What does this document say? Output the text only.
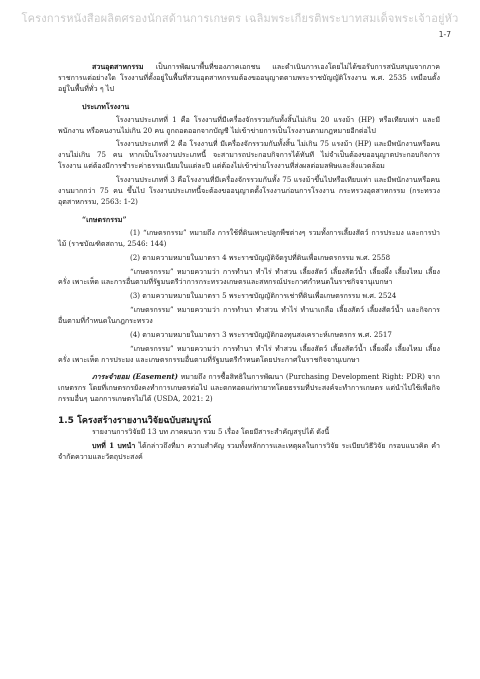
โครงการหนังสือผลิตศรองนักสด้านการเกษตร เฉลิมพระเกียรติพระบาทสมเด็จพระเจ้าอยู่หัว
1-7

สวนอุตสาหกรรม เป็นการพัฒนาพื้นที่ของภาคเอกชน และดำเนินการเองโดยไม่ได้ขอรับการสนับสนุนจากภาคราชการแต่อย่างใด โรงงานที่ตั้งอยู่ในพื้นที่สวนอุตสาหกรรมต้องขออนุญาตตามพระราชบัญญัติโรงงาน พ.ศ. 2535 เหมือนตั้งอยู่ในพื้นที่ทั่ว ๆ ไป

ประเภทโรงงาน

โรงงานประเภทที่ 1 คือ โรงงานที่มีเครื่องจักรรวมกันทั้งสิ้นไม่เกิน 20 แรงม้า (HP) หรือเทียบเท่า และมีพนักงาน หรือคนงานไม่เกิน 20 คน ถูกถอดออกจากบัญชี ไม่เข้าข่ายการเป็นโรงงานตามกฎหมายอีกต่อไป

โรงงานประเภทที่ 2 คือ โรงงานที่ มีเครื่องจักรรวมกันทั้งสิ้น ไม่เกิน 75 แรงม้า (HP) และมีพนักงานหรือคนงานไม่เกิน 75 คน หากเป็นโรงงานประเภทนี้ จะสามารถประกอบกิจการได้ทันที ไม่จำเป็นต้องขออนุญาตประกอบกิจการโรงงาน แต่ต้องมีการชำระค่าธรรมเนียมในแต่ละปี แต่ต้องไม่เข้าข่ายโรงงานที่ส่งผลต่อมลพิษและสิ่งแวดล้อม

โรงงานประเภทที่ 3 คือโรงงานที่มีเครื่องจักรรวมกันทั้ง 75 แรงม้าขึ้นไปหรือเทียบเท่า และมีพนักงานหรือคนงานมากกว่า 75 คน ขึ้นไป โรงงานประเภทนี้จะต้องขออนุญาตตั้งโรงงานก่อนการโรงงาน กระทรวงอุตสาหกรรม (กระทรวงอุตสาหกรรม, 2563: 1-2)

“เกษตรกรรม”

(1) “เกษตรกรรม” หมายถึง การใช้ที่ดินเพาะปลูกพืชต่างๆ รวมทั้งการเลี้ยงสัตว์ การประมง และการป่าไม้ (ราชบัณฑิตสถาน, 2546: 144)

(2) ตามความหมายในมาตรา 4 พระราชบัญญัติจัดรูปที่ดินเพื่อเกษตรกรรม พ.ศ. 2558

“เกษตรกรรม” หมายความว่า การทำนา ทำไร่ ทำสวน เลี้ยงสัตว์ เลี้ยงสัตว์น้ำ เลี้ยงผึ้ง เลี้ยงไหม เลี้ยงครั่ง เพาะเห็ด และการอื่นตามที่รัฐมนตรีว่าการกระทรวงเกษตรและสหกรณ์ประกาศกำหนดในราชกิจจานุเบกษา

(3) ตามความหมายในมาตรา 5 พระราชบัญญัติการเช่าที่ดินเพื่อเกษตรกรรม พ.ศ. 2524

“เกษตรกรรม” หมายความว่า การทำนา ทำสวน ทำไร่ ทำนาเกลือ เลี้ยงสัตว์ เลี้ยงสัตว์น้ำ และกิจการอื่นตามที่กำหนดในกฎกระทรวง

(4) ตามความหมายในมาตรา 3 พระราชบัญญัติกองทุนสงเคราะห์เกษตรกร พ.ศ. 2517

“เกษตรกรรม” หมายความว่า การทำนา ทำไร่ ทำสวน เลี้ยงสัตว์ เลี้ยงสัตว์น้ำ เลี้ยงผึ้ง เลี้ยงไหม เลี้ยงครั่ง เพาะเห็ด การประมง และเกษตรกรรมอื่นตามที่รัฐมนตรีกำหนดโดยประกาศในราชกิจจานุเบกษา

ภาระจำยอม (Easement) หมายถึง การซื้อสิทธิในการพัฒนา (Purchasing Development Right: PDR) จากเกษตรกร โดยที่เกษตรกรยังคงทำการเกษตรต่อไป และตกทอดแก่ทายาทโดยธรรมที่ประสงค์จะทำการเกษตร แต่นำไปใช้เพื่อกิจกรรมอื่นๆ นอกการเกษตรไม่ได้ (USDA, 2021: 2)

1.5 โครงสร้างรายงานวิจัยฉบับสมบูรณ์

รายงานการวิจัยมี 13 บท ภาคผนวก รวม 5 เรื่อง โดยมีสาระสำคัญสรุปได้ ดังนี้

บทที่ 1 บทนำ ได้กล่าวถึงที่มา ความสำคัญ รวมทั้งหลักการและเหตุผลในการวิจัย ระเบียบวิธีวิจัย กรอบแนวคิด คำจำกัดความและวัตถุประสงค์
